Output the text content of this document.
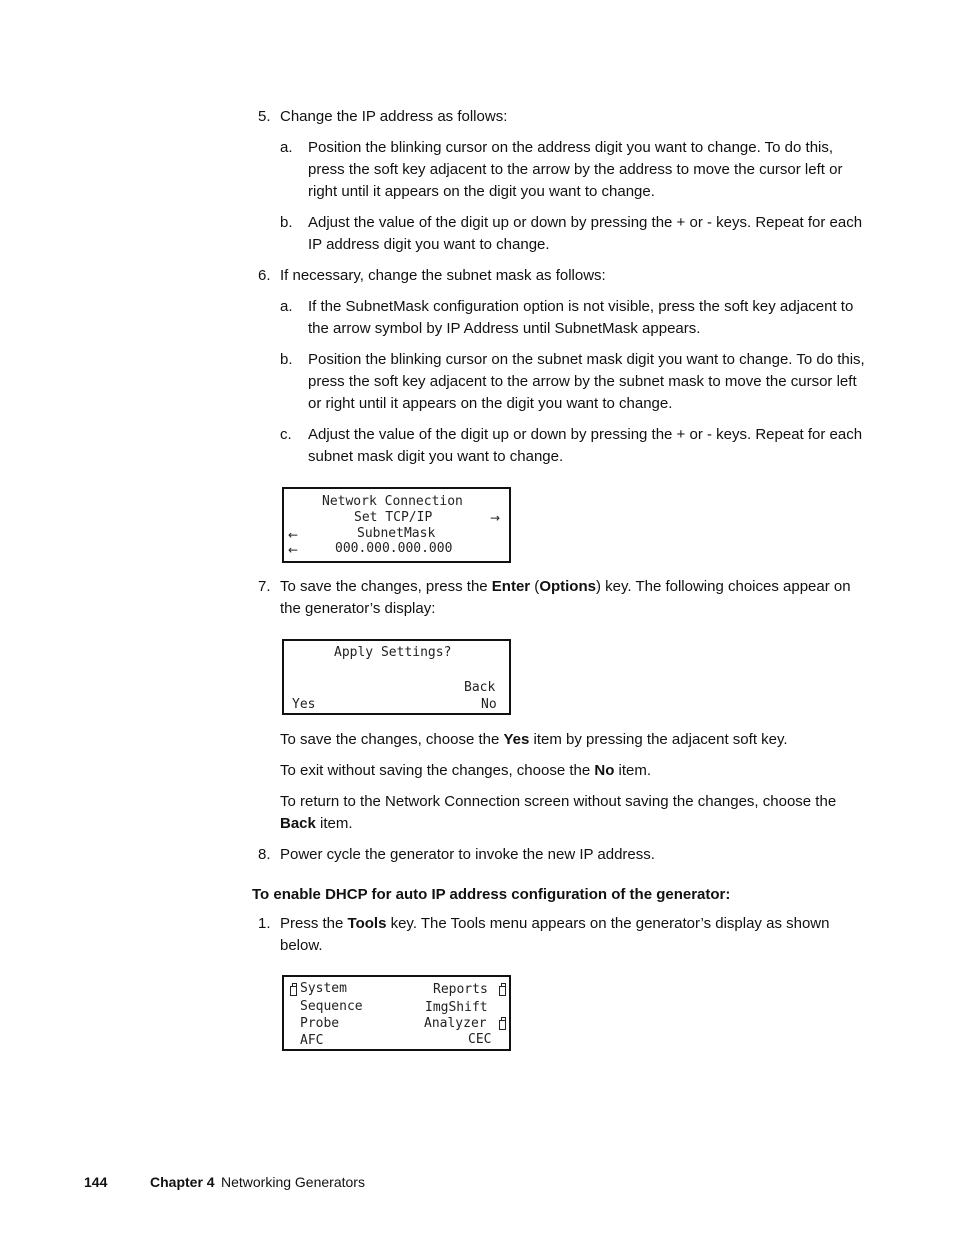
5. Change the IP address as follows:
a. Position the blinking cursor on the address digit you want to change. To do this,
press the soft key adjacent to the arrow by the address to move the cursor left or
right until it appears on the digit you want to change.
b. Adjust the value of the digit up or down by pressing the + or - keys. Repeat for each
IP address digit you want to change.
6. If necessary, change the subnet mask as follows:
a. If the SubnetMask configuration option is not visible, press the soft key adjacent to
the arrow symbol by IP Address until SubnetMask appears.
b. Position the blinking cursor on the subnet mask digit you want to change. To do this,
press the soft key adjacent to the arrow by the subnet mask to move the cursor left
or right until it appears on the digit you want to change.
c. Adjust the value of the digit up or down by pressing the + or - keys. Repeat for each
subnet mask digit you want to change.
Network Connection
Set TCP/IP	→
←	SubnetMask
←	000.000.000.000
7. To save the changes, press the Enter (Options) key. The following choices appear on
the generator’s display:
Apply Settings?
Back
Yes	No
To save the changes, choose the Yes item by pressing the adjacent soft key.
To exit without saving the changes, choose the No item.
To return to the Network Connection screen without saving the changes, choose the
Back item.
8. Power cycle the generator to invoke the new IP address.
To enable DHCP for auto IP address configuration of the generator:
1. Press the Tools key. The Tools menu appears on the generator’s display as shown
below.
System
Sequence
Probe
AFC
Reports
ImgShift
Analyzer
CEC
144	Chapter 4 Networking Generators
